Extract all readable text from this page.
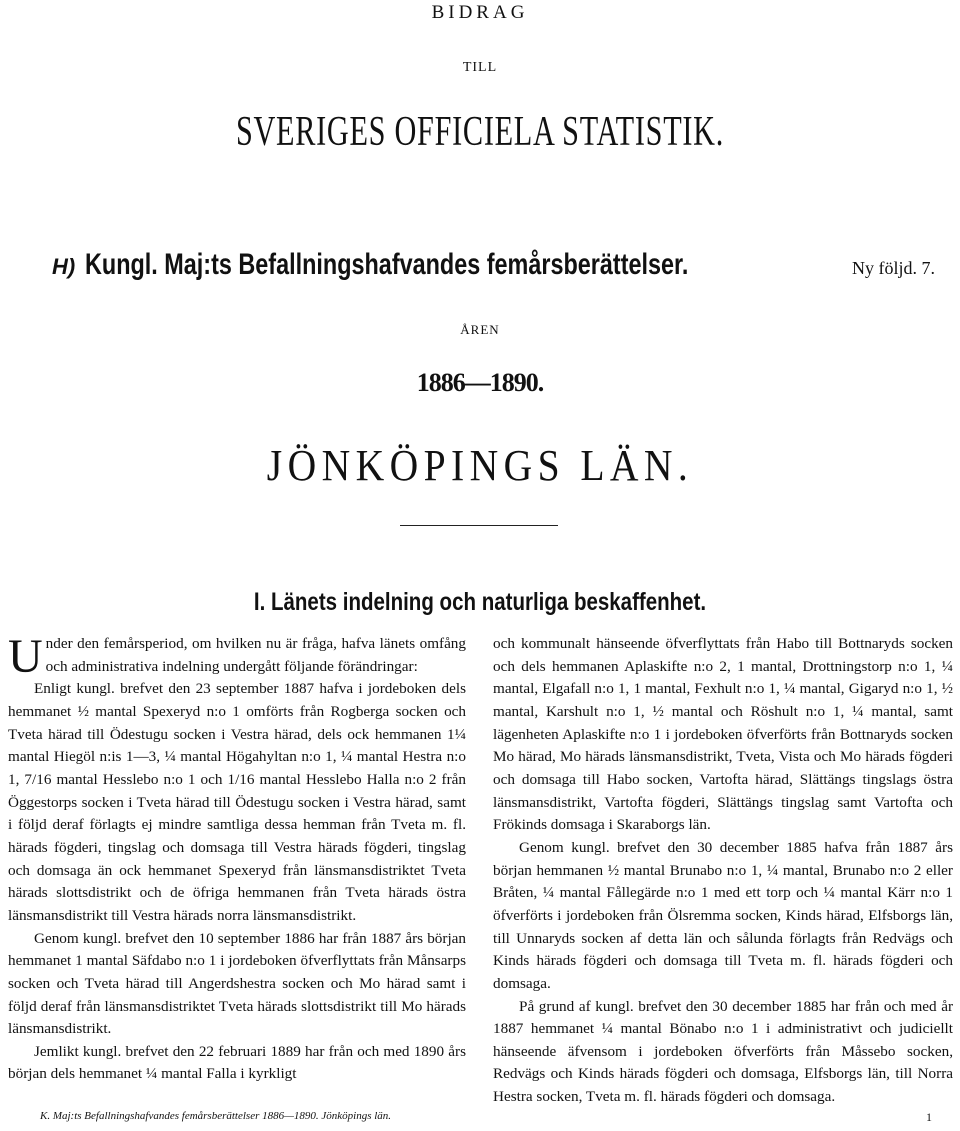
BIDRAG
TILL
SVERIGES OFFICIELA STATISTIK.
H) Kungl. Maj:ts Befallningshafvandes femårsberättelser.	Ny följd. 7.
ÅREN
1886—1890.
JÖNKÖPINGS LÄN.
I. Länets indelning och naturliga beskaffenhet.

Under den femårsperiod, om hvilken nu är fråga, hafva länets omfång och administrativa indelning undergått följande förändringar:

Enligt kungl. brefvet den 23 september 1887 hafva i jordeboken dels hemmanet ½ mantal Spexeryd n:o 1 omförts från Rogberga socken och Tveta härad till Ödestugu socken i Vestra härad, dels ock hemmanen 1¼ mantal Hiegöl n:is 1—3, ¼ mantal Högahyltan n:o 1, ¼ mantal Hestra n:o 1, 7/16 mantal Hesslebo n:o 1 och 1/16 mantal Hesslebo Halla n:o 2 från Öggestorps socken i Tveta härad till Ödestugu socken i Vestra härad, samt i följd deraf förlagts ej mindre samtliga dessa hemman från Tveta m. fl. härads fögderi, tingslag och domsaga till Vestra härads fögderi, tingslag och domsaga än ock hemmanet Spexeryd från länsmansdistriktet Tveta härads slottsdistrikt och de öfriga hemmanen från Tveta härads östra länsmansdistrikt till Vestra härads norra länsmansdistrikt.

Genom kungl. brefvet den 10 september 1886 har från 1887 års början hemmanet 1 mantal Säfdabo n:o 1 i jordeboken öfverflyttats från Månsarps socken och Tveta härad till Angerdshestra socken och Mo härad samt i följd deraf från länsmansdistriktet Tveta härads slottsdistrikt till Mo härads länsmansdistrikt.

Jemlikt kungl. brefvet den 22 februari 1889 har från och med 1890 års början dels hemmanet ¼ mantal Falla i kyrkligt

och kommunalt hänseende öfverflyttats från Habo till Bottnaryds socken och dels hemmanen Aplaskifte n:o 2, 1 mantal, Drottningstorp n:o 1, ¼ mantal, Elgafall n:o 1, 1 mantal, Fexhult n:o 1, ¼ mantal, Gigaryd n:o 1, ½ mantal, Karshult n:o 1, ½ mantal och Röshult n:o 1, ¼ mantal, samt lägenheten Aplaskifte n:o 1 i jordeboken öfverförts från Bottnaryds socken Mo härad, Mo härads länsmansdistrikt, Tveta, Vista och Mo härads fögderi och domsaga till Habo socken, Vartofta härad, Slättängs tingslags östra länsmansdistrikt, Vartofta fögderi, Slättängs tingslag samt Vartofta och Frökinds domsaga i Skaraborgs län.

Genom kungl. brefvet den 30 december 1885 hafva från 1887 års början hemmanen ½ mantal Brunabo n:o 1, ¼ mantal, Brunabo n:o 2 eller Bråten, ¼ mantal Fållegärde n:o 1 med ett torp och ¼ mantal Kärr n:o 1 öfverförts i jordeboken från Ölsremma socken, Kinds härad, Elfsborgs län, till Unnaryds socken af detta län och sålunda förlagts från Redvägs och Kinds härads fögderi och domsaga till Tveta m. fl. härads fögderi och domsaga.

På grund af kungl. brefvet den 30 december 1885 har från och med år 1887 hemmanet ¼ mantal Bönabo n:o 1 i administrativt och judiciellt hänseende äfvensom i jordeboken öfverförts från Måssebo socken, Redvägs och Kinds härads fögderi och domsaga, Elfsborgs län, till Norra Hestra socken, Tveta m. fl. härads fögderi och domsaga.

K. Maj:ts Befallningshafvandes femårsberättelser 1886—1890. Jönköpings län.	1
